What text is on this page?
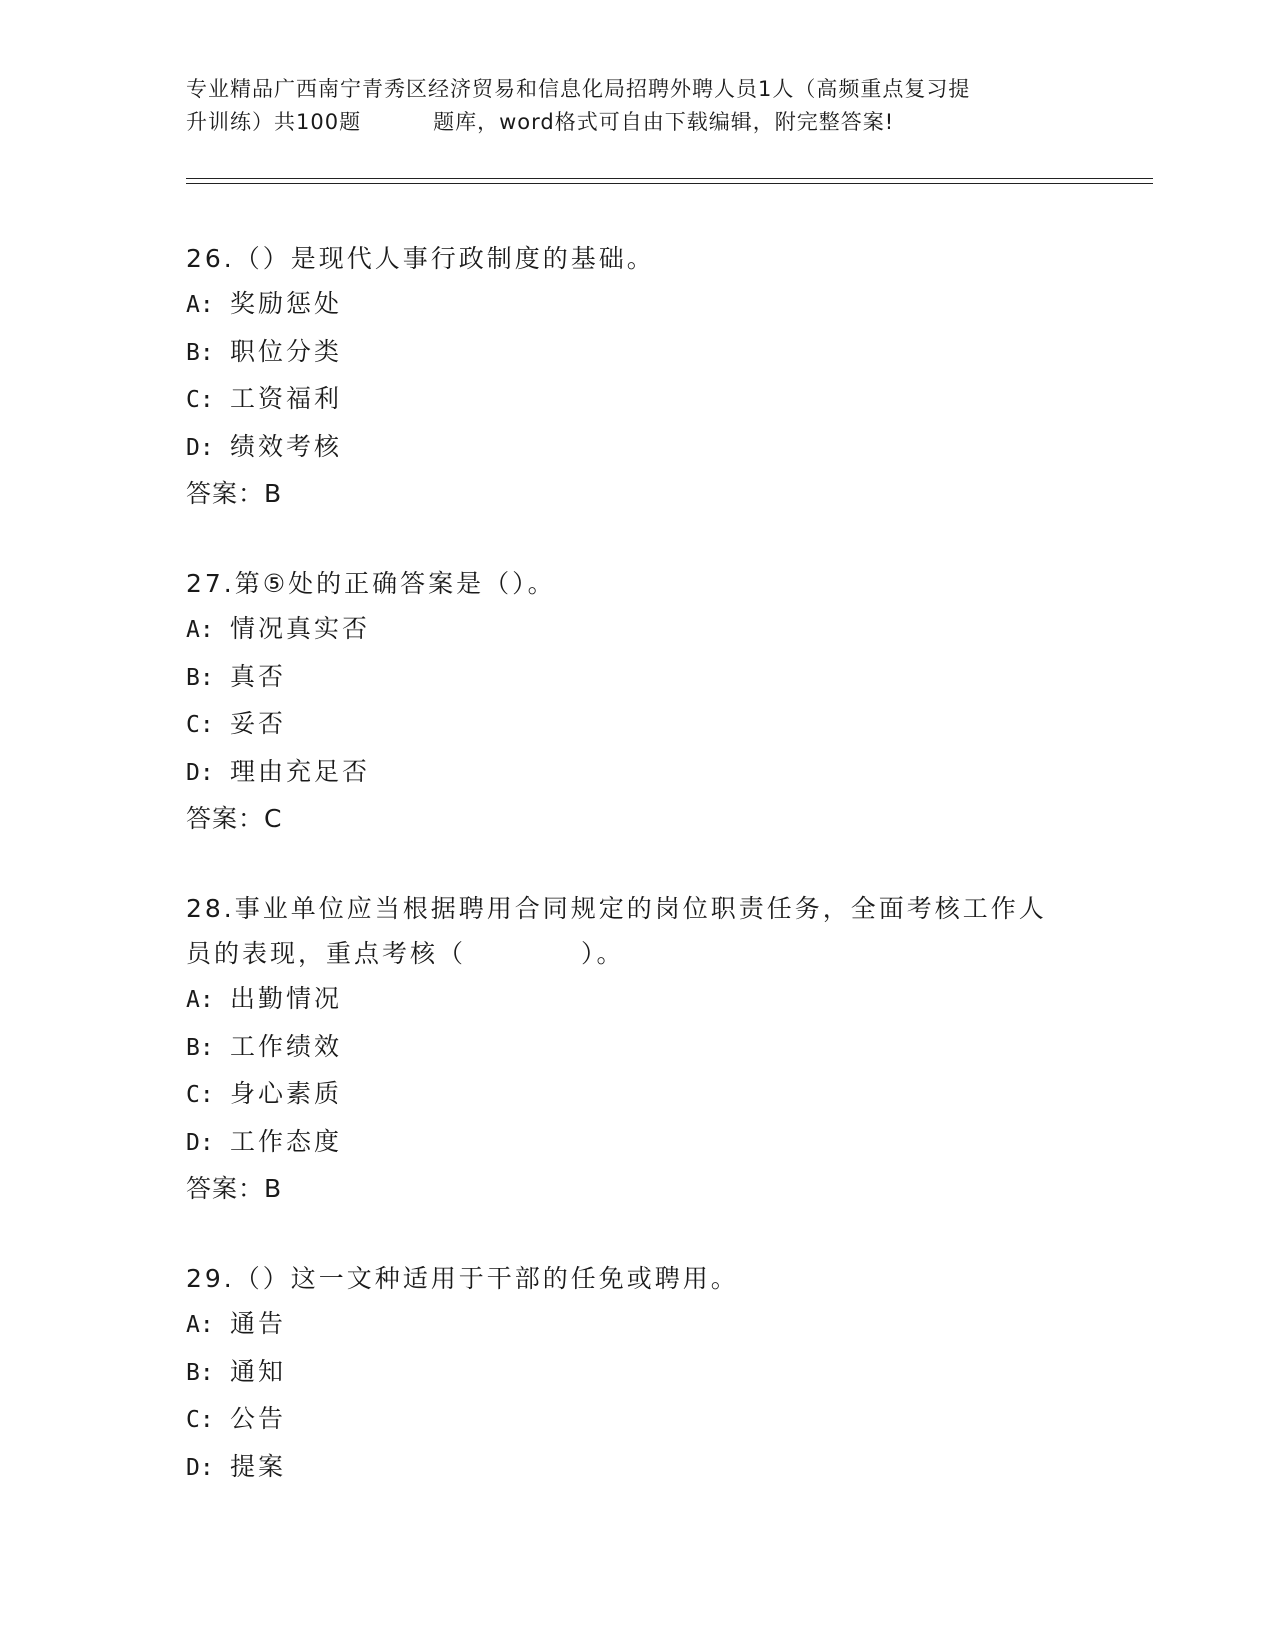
专业精品广西南宁青秀区经济贸易和信息化局招聘外聘人员1人（高频重点复习提
升训练）共100题	题库，word格式可自由下载编辑，附完整答案!

26.（）是现代人事行政制度的基础。

A: 奖励惩处

B: 职位分类

C: 工资福利

D: 绩效考核

答案：B

27.第⑤处的正确答案是（）。

A: 情况真实否

B: 真否

C: 妥否

D: 理由充足否

答案：C

28.事业单位应当根据聘用合同规定的岗位职责任务，全面考核工作人
员的表现，重点考核（	）。

A: 出勤情况

B: 工作绩效

C: 身心素质

D: 工作态度

答案：B

29.（）这一文种适用于干部的任免或聘用。

A: 通告

B: 通知

C: 公告

D: 提案
